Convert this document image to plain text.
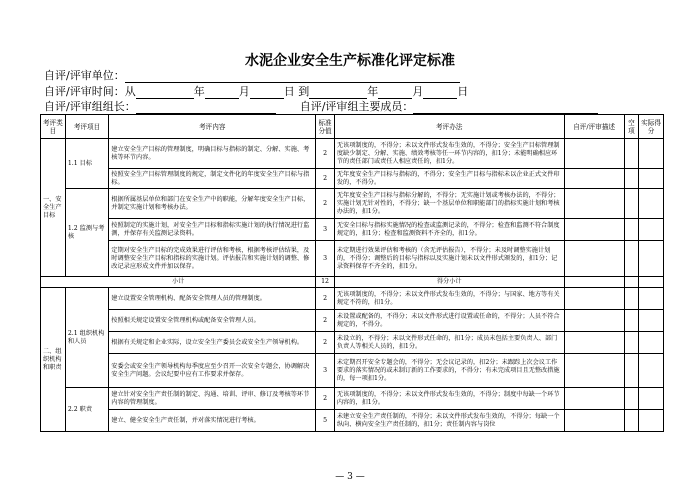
水泥企业安全生产标准化评定标准
自评/评审单位：
自评/评审时间：从	年	月	日 到	年	月	日
自评/评审组组长：	自评/评审组主要成员：
考评类目	考评项目	考评内容	标准分值	考评办法	自评/评审描述	空项	实际得分
一、安全生产目标	1.1 目标	建立安全生产目标的管理制度，明确目标与指标的制定、分解、实施、考核等环节内容。	2	无该项制度的，不得分；未以文件形式发布生效的，不得分；安全生产目标管理制度缺少制定、分解、实施、绩效考核等任一环节内容的，扣1分；未能明确相应环节的责任部门或责任人相应责任的，扣1分。			
		按照安全生产目标管理制度的规定，制定文件化的年度安全生产目标与指标。	2	无年度安全生产目标与指标的，不得分；安全生产目标与指标未以企业正式文件印发的，不得分。			
	1.2 监测与考核	根据所属基层单位和部门在安全生产中的职能，分解年度安全生产目标，并制定实施计划和考核办法。	2	无年度安全生产目标与指标分解的，不得分；无实施计划或考核办法的，不得分；实施计划无针对性的，不得分；缺一个基层单位和职能部门的指标实施计划和考核办法的，扣1分。			
		按照制定的实施计划，对安全生产目标和指标实施计划的执行情况进行监测，并保存有关监测记录资料。	3	无安全目标与指标实施情况的检查或监测记录的，不得分；检查和监测不符合制度规定的，扣1分；检查和监测资料不齐全的，扣1分。			
		定期对安全生产目标的完成效果进行评估和考核，根据考核评估结果，及时调整安全生产目标和指标的实施计划。评估报告和实施计划的调整、修改记录应形成文件并加以保存。	3	未定期进行效果评估和考核的（含无评估报告），不得分；未及时调整实施计划的，不得分；调整后的目标与指标以及实施计划未以文件形式颁发的，扣1分；记录资料保存不齐全的，扣1分。			
小计			12	得分小计			
二、组织机构和职责	2.1 组织机构和人员	建立设置安全管理机构、配备安全管理人员的管理制度。	2	无该项制度的，不得分；未以文件形式发布生效的，不得分；与国家、地方等有关规定不符的，扣1分。			
		按照相关规定设置安全管理机构或配备安全管理人员。	2	未设置或配备的，不得分；未以文件形式进行设置或任命的，不得分；人员不符合规定的，不得分。			
		根据有关规定和企业实际，设立安全生产委员会或安全生产领导机构。	2	未设立的，不得分；未以文件形式任命的，扣1分；成员未包括主要负责人、部门负责人等相关人员的，扣1分。			
		安委会或安全生产领导机构每季度应至少召开一次安全专题会，协调解决安全生产问题。会议纪要中应有工作要求并保存。	3	未定期召开安全专题会的，不得分；无会议记录的，扣2分；未跟踪上次会议工作要求的落实情况的或未制订新的工作要求的，不得分；有未完成项目且无整改措施的，每一项扣1分。			
	2.2 职责	建立针对安全生产责任制的制定、沟通、培训、评审、修订及考核等环节内容的管理制度。	2	无该项制度的，不得分；未以文件形式发布生效的，不得分；制度中每缺一个环节内容的，扣1分。			
		建立、健全安全生产责任制，并对落实情况进行考核。	5	未建立安全生产责任制的，不得分；未以文件形式发布生效的，不得分；每缺一个纵向、横向安全生产责任制的，扣1分；责任制内容与岗位			
— 3 —
